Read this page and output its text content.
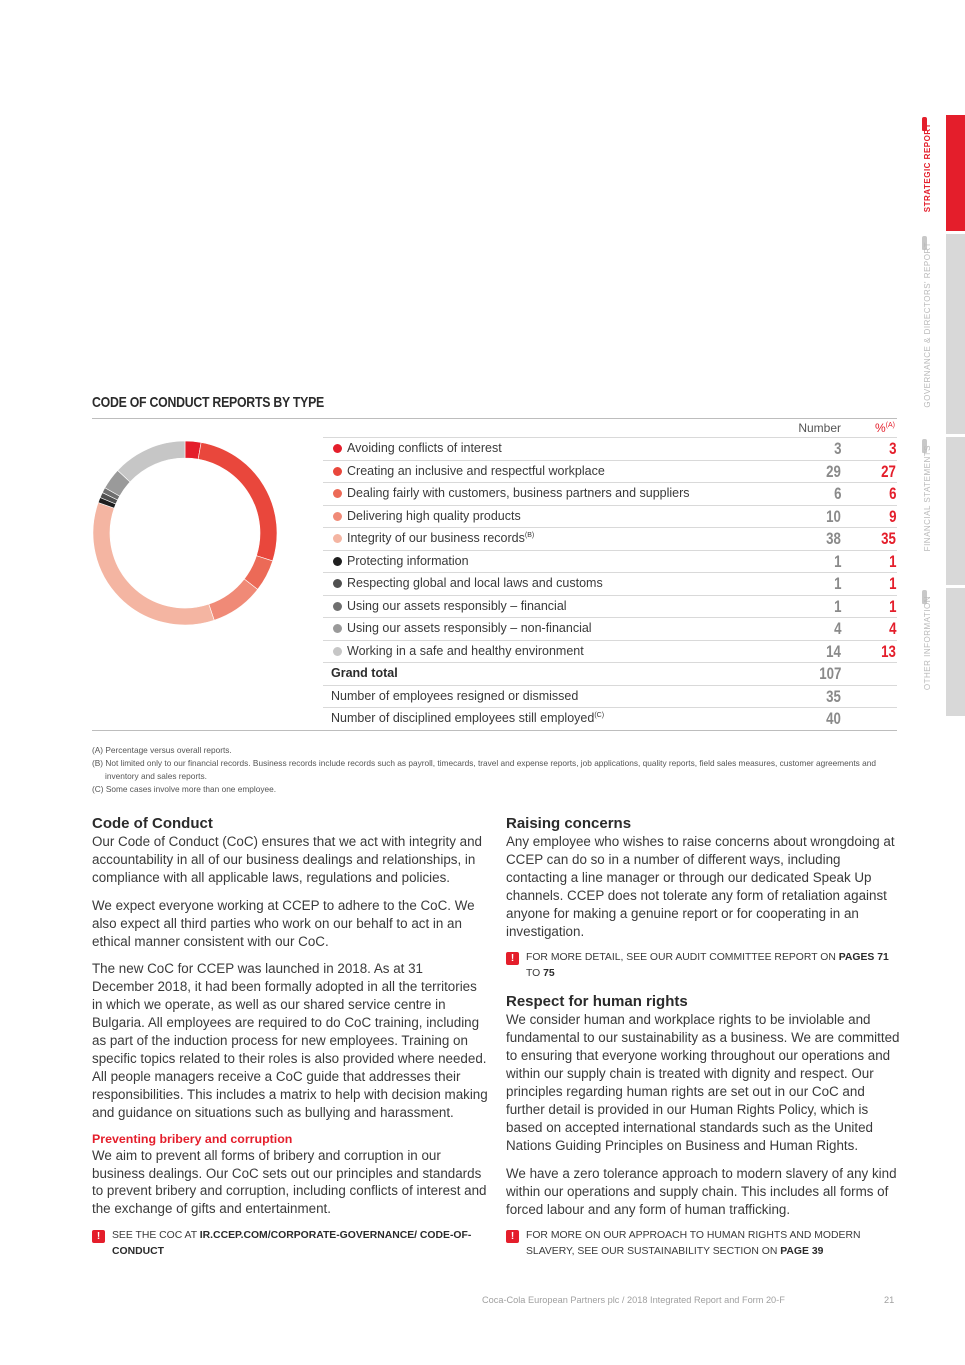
STRATEGIC REPORT
GOVERNANCE & DIRECTORS' REPORT
FINANCIAL STATEMENTS
OTHER INFORMATION
CODE OF CONDUCT REPORTS BY TYPE
Number	%$^{(A)}$
Avoiding conflicts of interest	3	3
Creating an inclusive and respectful workplace	29 27
Dealing fairly with customers, business partners and suppliers	6	6
Delivering high quality products	10	9
Integrity of our business records$^{(B)}$	38 35
Protecting information	1	1
Respecting global and local laws and customs	1	1
Using our assets responsibly – financial	1	1
Using our assets responsibly – non-financial	4	4
Working in a safe and healthy environment	14 13
Grand total	107
Number of employees resigned or dismissed	35
Number of disciplined employees still employed$^{(C)}$	40
(A) Percentage versus overall reports.
(B) Not limited only to our financial records. Business records include records such as payroll, timecards, travel and expense reports, job applications, quality reports, field sales measures, customer agreements and inventory and sales reports.
(C) Some cases involve more than one employee.
Code of Conduct

Our Code of Conduct (CoC) ensures that we act with integrity and accountability in all of our business dealings and relationships, in compliance with all applicable laws, regulations and policies.

We expect everyone working at CCEP to adhere to the CoC. We also expect all third parties who work on our behalf to act in an ethical manner consistent with our CoC.

The new CoC for CCEP was launched in 2018. As at 31 December 2018, it had been formally adopted in all the territories in which we operate, as well as our shared service centre in Bulgaria. All employees are required to do CoC training, including as part of the induction process for new employees. Training on specific topics related to their roles is also provided where needed. All people managers receive a CoC guide that addresses their responsibilities. This includes a matrix to help with decision making and guidance on situations such as bullying and harassment.

Preventing bribery and corruption

We aim to prevent all forms of bribery and corruption in our business dealings. Our CoC sets out our principles and standards to prevent bribery and corruption, including conflicts of interest and the exchange of gifts and entertainment.

!	SEE THE COC AT IR.CCEP.COM/CORPORATE-GOVERNANCE/ CODE-OF-CONDUCT
Raising concerns

Any employee who wishes to raise concerns about wrongdoing at CCEP can do so in a number of different ways, including contacting a line manager or through our dedicated Speak Up channels. CCEP does not tolerate any form of retaliation against anyone for making a genuine report or for cooperating in an investigation.

!	FOR MORE DETAIL, SEE OUR AUDIT COMMITTEE REPORT ON PAGES 71 TO 75
Respect for human rights

We consider human and workplace rights to be inviolable and fundamental to our sustainability as a business. We are committed to ensuring that everyone working throughout our operations and within our supply chain is treated with dignity and respect. Our principles regarding human rights are set out in our CoC and further detail is provided in our Human Rights Policy, which is based on accepted international standards such as the United Nations Guiding Principles on Business and Human Rights.

We have a zero tolerance approach to modern slavery of any kind within our operations and supply chain. This includes all forms of forced labour and any form of human trafficking.

!	FOR MORE ON OUR APPROACH TO HUMAN RIGHTS AND MODERN SLAVERY, SEE OUR SUSTAINABILITY SECTION ON PAGE 39
Coca-Cola European Partners plc / 2018 Integrated Report and Form 20-F	21
